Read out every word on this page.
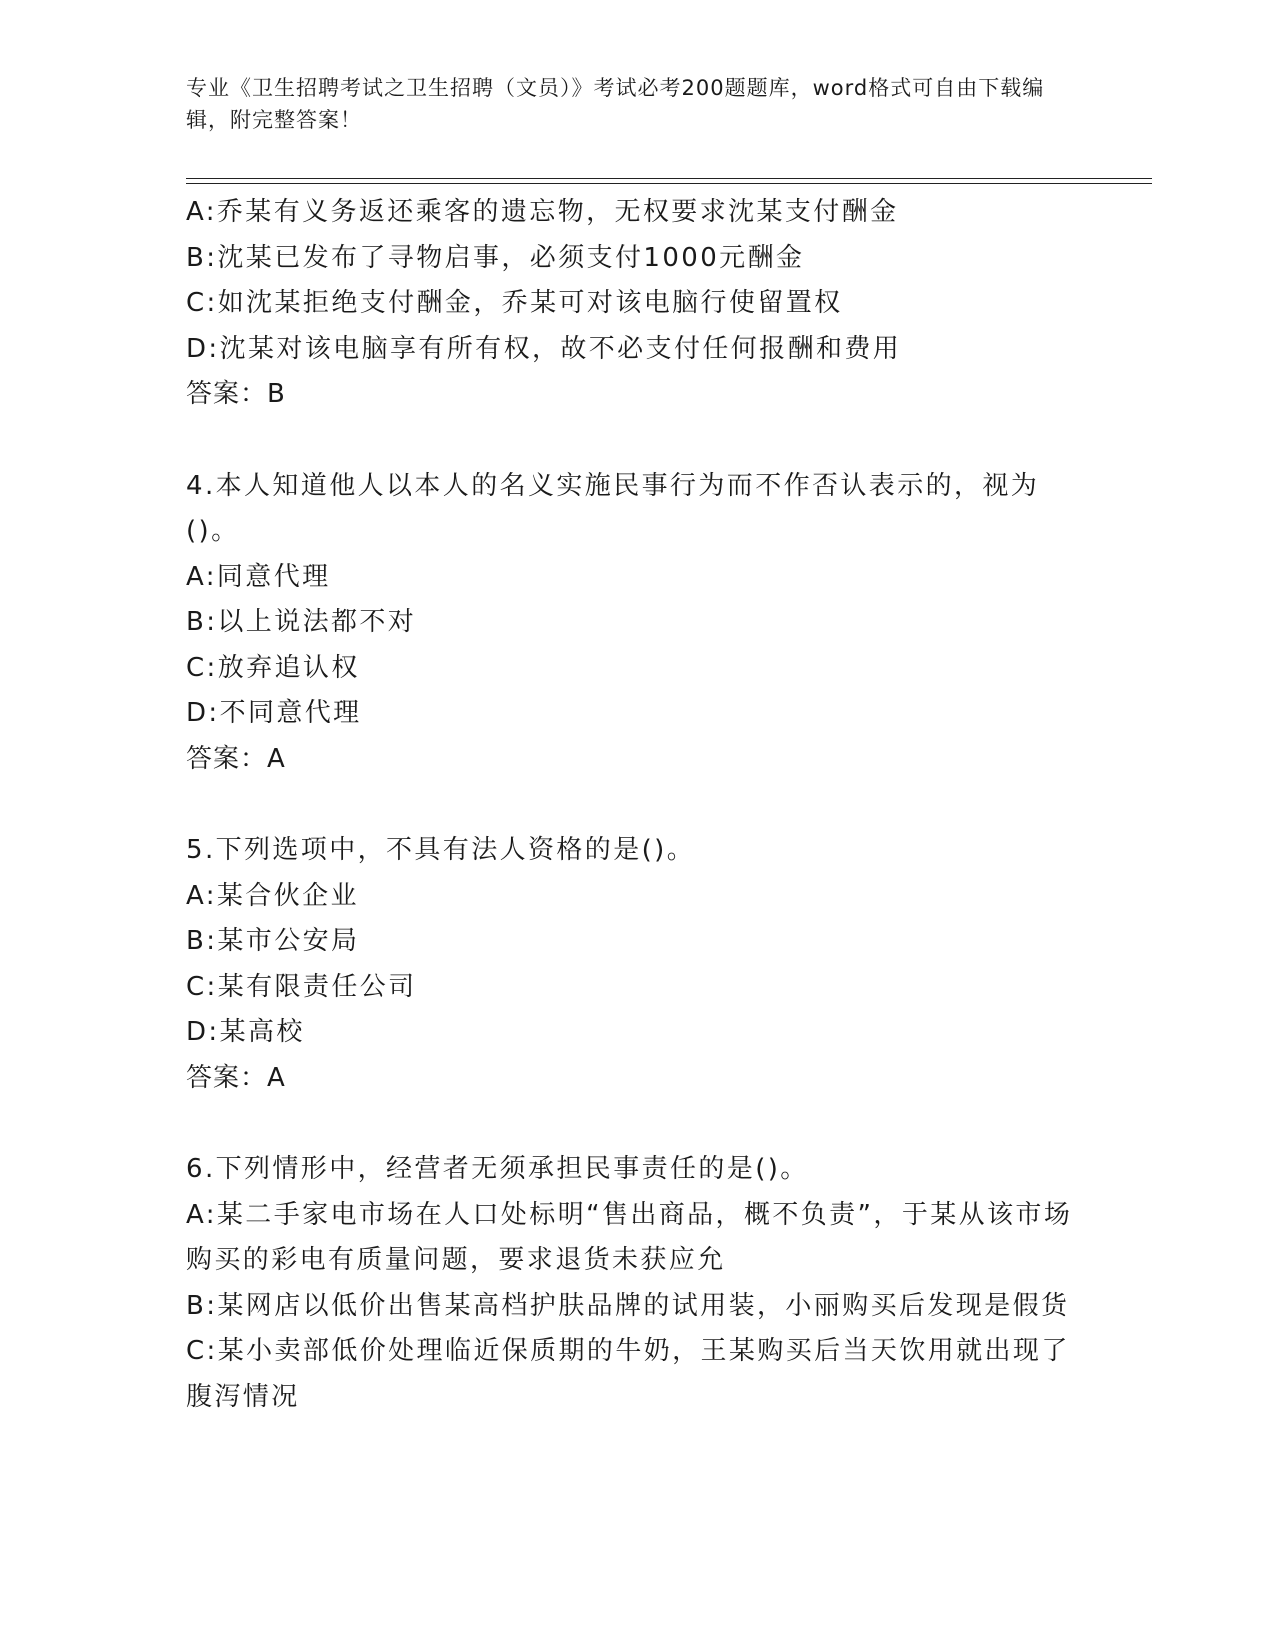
专业《卫生招聘考试之卫生招聘（文员）》考试必考200题题库，word格式可自由下载编辑，附完整答案！
A:乔某有义务返还乘客的遗忘物，无权要求沈某支付酬金
B:沈某已发布了寻物启事，必须支付1000元酬金
C:如沈某拒绝支付酬金，乔某可对该电脑行使留置权
D:沈某对该电脑享有所有权，故不必支付任何报酬和费用
答案：B
4.本人知道他人以本人的名义实施民事行为而不作否认表示的，视为()。
A:同意代理
B:以上说法都不对
C:放弃追认权
D:不同意代理
答案：A
5.下列选项中，不具有法人资格的是()。
A:某合伙企业
B:某市公安局
C:某有限责任公司
D:某高校
答案：A
6.下列情形中，经营者无须承担民事责任的是()。
A:某二手家电市场在人口处标明“售出商品，概不负责”，于某从该市场购买的彩电有质量问题，要求退货未获应允
B:某网店以低价出售某高档护肤品牌的试用装，小丽购买后发现是假货
C:某小卖部低价处理临近保质期的牛奶，王某购买后当天饮用就出现了腹泻情况
